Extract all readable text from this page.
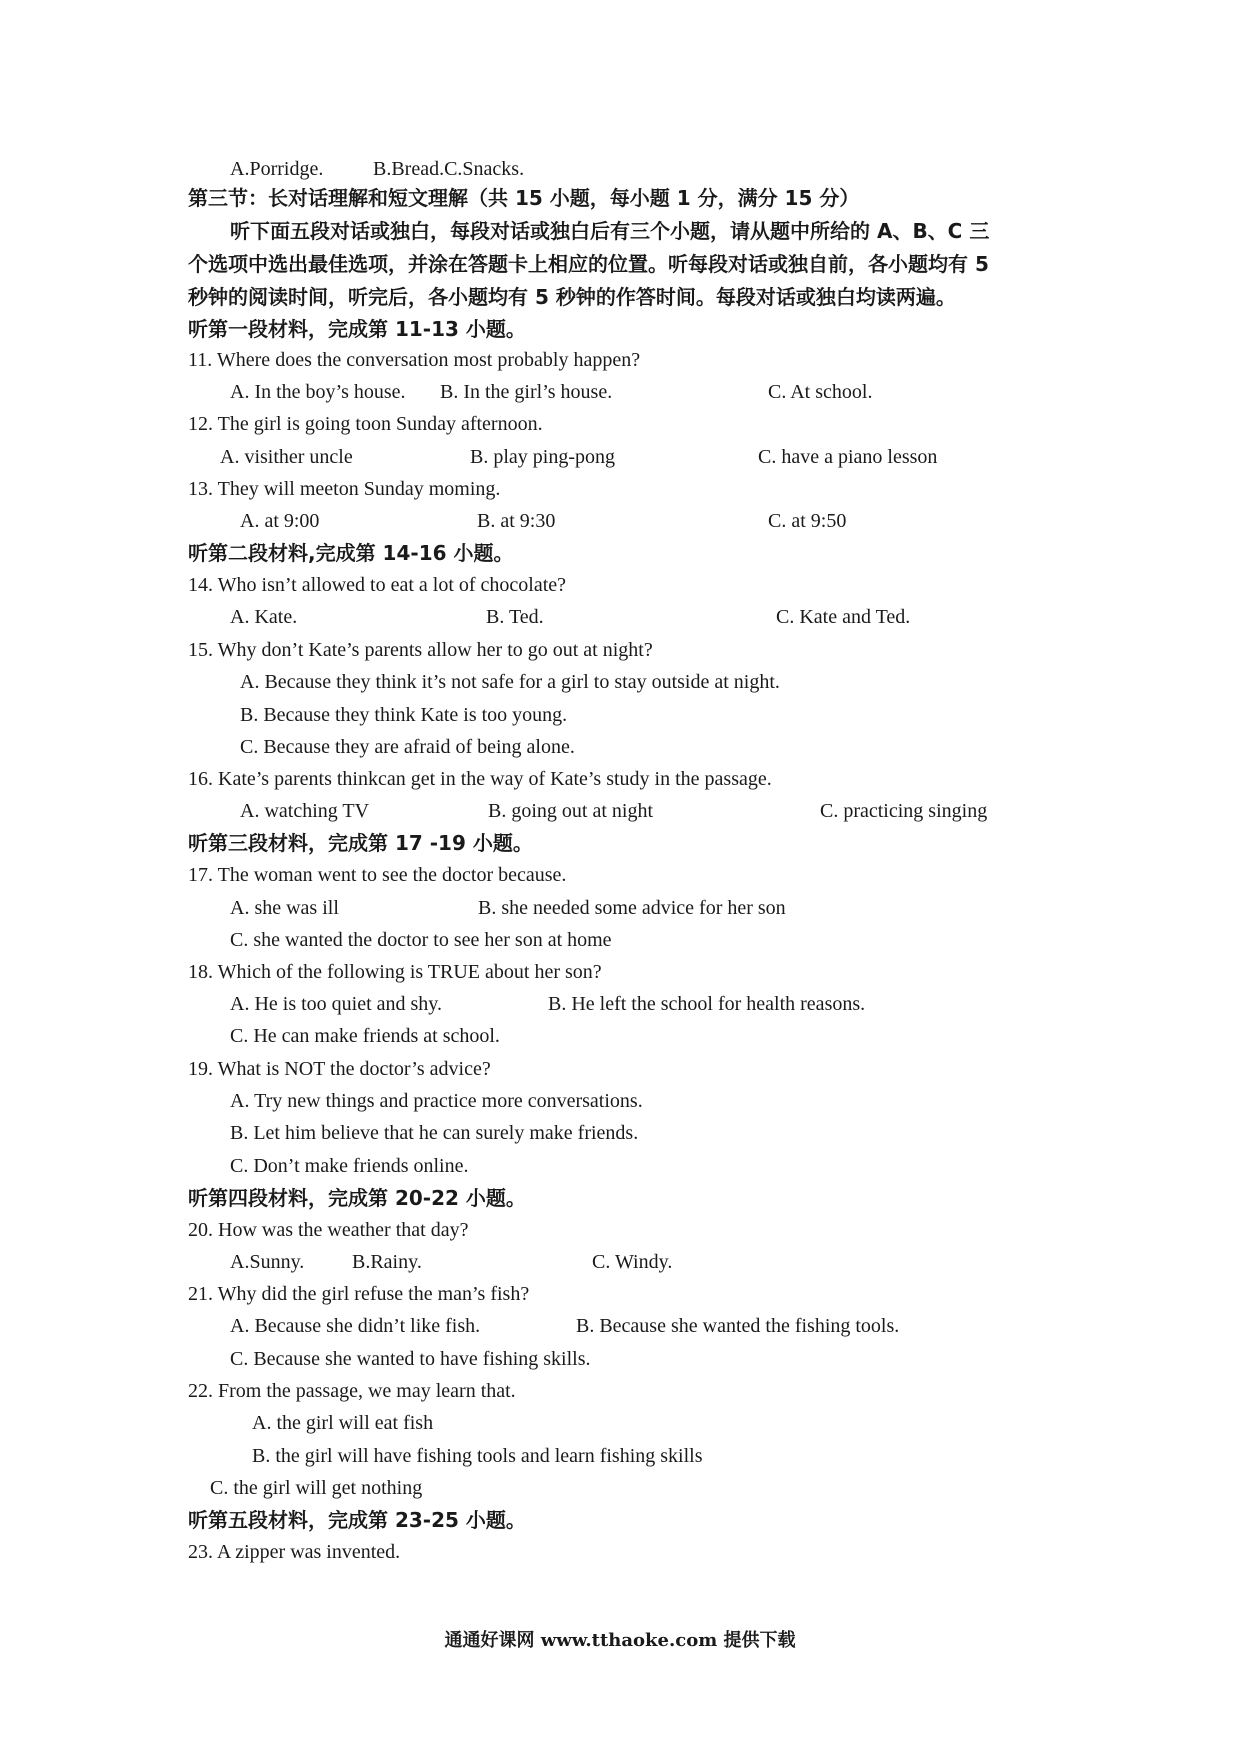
A.Porridge. B.Bread.C.Snacks.
第三节：长对话理解和短文理解（共 15 小题，每小题 1 分，满分 15 分）
听下面五段对话或独白，每段对话或独白后有三个小题，请从题中所给的 A、B、C 三
个选项中选出最佳选项，并涂在答题卡上相应的位置。听每段对话或独自前，各小题均有 5
秒钟的阅读时间，听完后，各小题均有 5 秒钟的作答时间。每段对话或独白均读两遍。
听第一段材料，完成第 11-13 小题。
11. Where does the conversation most probably happen?
A. In the boy’s house. B. In the girl’s house.	C. At school.
12. The girl is going toon Sunday afternoon.
A. visither uncle	B. play ping-pong	C. have a piano lesson
13. They will meeton Sunday moming.
A. at 9:00	B. at 9:30	C. at 9:50
听第二段材料,完成第 14-16 小题。
14. Who isn’t allowed to eat a lot of chocolate?
A. Kate.	B. Ted.	C. Kate and Ted.
15. Why don’t Kate’s parents allow her to go out at night?
A. Because they think it’s not safe for a girl to stay outside at night.
B. Because they think Kate is too young.
C. Because they are afraid of being alone.
16. Kate’s parents thinkcan get in the way of Kate’s study in the passage.
A. watching TV	B. going out at night	C. practicing singing
听第三段材料，完成第 17 -19 小题。
17. The woman went to see the doctor because.
A. she was ill	B. she needed some advice for her son
C. she wanted the doctor to see her son at home
18. Which of the following is TRUE about her son?
A. He is too quiet and shy.	B. He left the school for health reasons.
C. He can make friends at school.
19. What is NOT the doctor’s advice?
A. Try new things and practice more conversations.
B. Let him believe that he can surely make friends.
C. Don’t make friends online.
听第四段材料，完成第 20-22 小题。
20. How was the weather that day?
A.Sunny. B.Rainy.	C. Windy.
21. Why did the girl refuse the man’s fish?
A. Because she didn’t like fish.	B. Because she wanted the fishing tools.
C. Because she wanted to have fishing skills.
22. From the passage, we may learn that.
A. the girl will eat fish
B. the girl will have fishing tools and learn fishing skills
C. the girl will get nothing
听第五段材料，完成第 23-25 小题。
23. A zipper was invented.
通通好课网 www.tthaoke.com 提供下载
